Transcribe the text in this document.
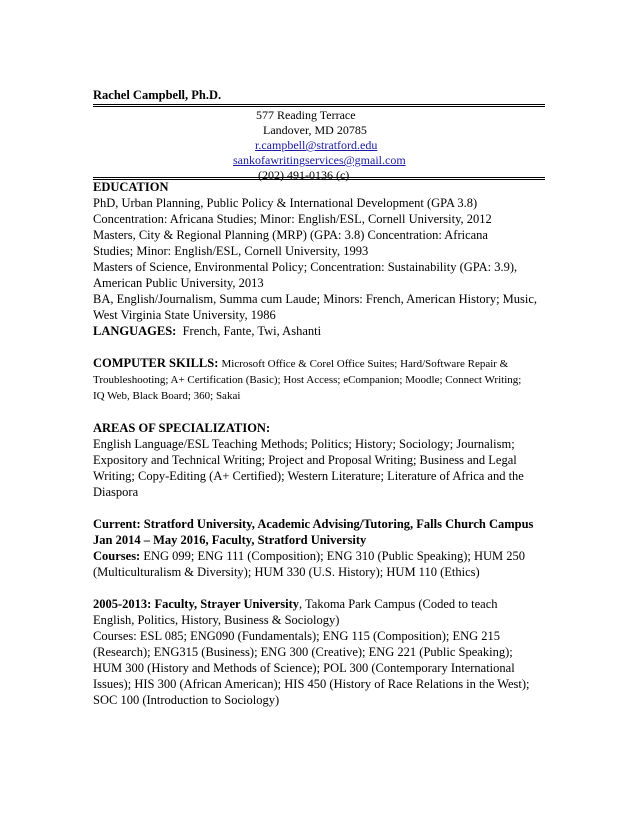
Rachel Campbell, Ph.D.
577 Reading Terrace
Landover, MD 20785
r.campbell@stratford.edu
sankofawritingservices@gmail.com
(202) 491-0136 (c)

EDUCATION

PhD, Urban Planning, Public Policy & International Development (GPA 3.8)

Concentration: Africana Studies; Minor: English/ESL, Cornell University, 2012

Masters, City & Regional Planning (MRP) (GPA: 3.8) Concentration: Africana

Studies; Minor: English/ESL, Cornell University, 1993

Masters of Science, Environmental Policy; Concentration: Sustainability (GPA: 3.9),

American Public University, 2013

BA, English/Journalism, Summa cum Laude; Minors: French, American History; Music,

West Virginia State University, 1986

LANGUAGES: French, Fante, Twi, Ashanti

COMPUTER SKILLS: Microsoft Office & Corel Office Suites; Hard/Software Repair &

Troubleshooting; A+ Certification (Basic); Host Access; eCompanion; Moodle; Connect Writing;

IQ Web, Black Board; 360; Sakai

AREAS OF SPECIALIZATION:

English Language/ESL Teaching Methods; Politics; History; Sociology; Journalism;

Expository and Technical Writing; Project and Proposal Writing; Business and Legal

Writing; Copy-Editing (A+ Certified); Western Literature; Literature of Africa and the

Diaspora

Current: Stratford University, Academic Advising/Tutoring, Falls Church Campus

Jan 2014 – May 2016, Faculty, Stratford University

Courses: ENG 099; ENG 111 (Composition); ENG 310 (Public Speaking); HUM 250

(Multiculturalism & Diversity); HUM 330 (U.S. History); HUM 110 (Ethics)

2005-2013: Faculty, Strayer University, Takoma Park Campus (Coded to teach

English, Politics, History, Business & Sociology)

Courses: ESL 085; ENG090 (Fundamentals); ENG 115 (Composition); ENG 215

(Research); ENG315 (Business); ENG 300 (Creative); ENG 221 (Public Speaking);

HUM 300 (History and Methods of Science); POL 300 (Contemporary International

Issues); HIS 300 (African American); HIS 450 (History of Race Relations in the West);

SOC 100 (Introduction to Sociology)
